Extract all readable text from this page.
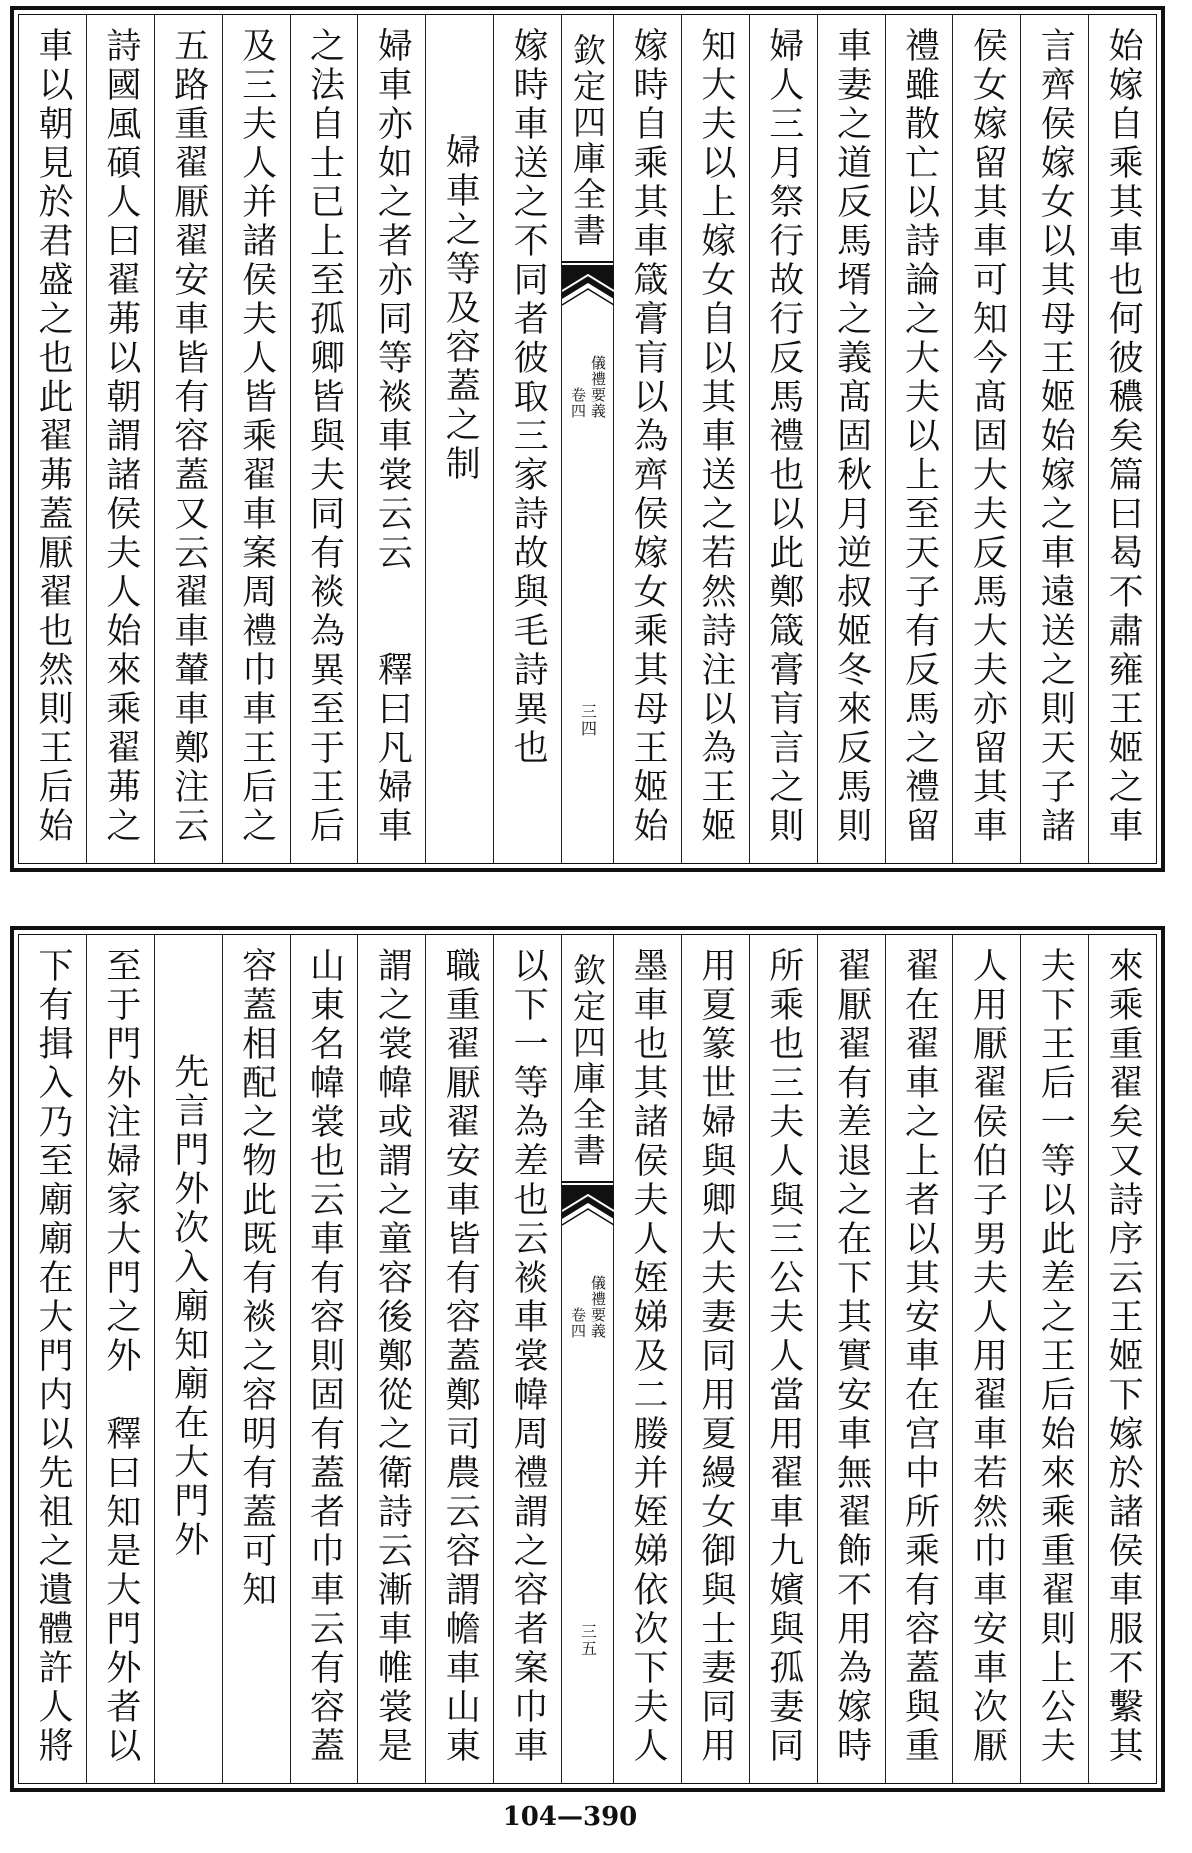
始嫁自乘其車也何彼穠矣篇曰曷不肅雍王姬之車
言齊侯嫁女以其母王姬始嫁之車遠送之則天子諸
侯女嫁留其車可知今髙固大夫反馬大夫亦留其車
禮雖散亡以詩論之大夫以上至天子有反馬之禮留
車妻之道反馬壻之義髙固秋月逆叔姬冬來反馬則
婦人三月祭行故行反馬禮也以此鄭箴膏肓言之則
知大夫以上嫁女自以其車送之若然詩注以為王姬
嫁時自乘其車箴膏肓以為齊侯嫁女乘其母王姬始
欽定四庫全書
儀禮要義
卷四
三四
嫁時車送之不同者彼取三家詩故與毛詩異也
婦車之等及容蓋之制
婦車亦如之者亦同等裧車裳云云　　釋曰凡婦車
之法自士已上至孤卿皆與夫同有裧為異至于王后
及三夫人并諸侯夫人皆乘翟車案周禮巾車王后之
五路重翟厭翟安車皆有容蓋又云翟車輦車鄭注云
詩國風碩人曰翟茀以朝謂諸侯夫人始來乘翟茀之
車以朝見於君盛之也此翟茀蓋厭翟也然則王后始
來乘重翟矣又詩序云王姬下嫁於諸侯車服不繫其
夫下王后一等以此差之王后始來乘重翟則上公夫
人用厭翟侯伯子男夫人用翟車若然巾車安車次厭
翟在翟車之上者以其安車在宫中所乘有容蓋與重
翟厭翟有差退之在下其實安車無翟飾不用為嫁時
所乘也三夫人與三公夫人當用翟車九嬪與孤妻同
用夏篆世婦與卿大夫妻同用夏縵女御與士妻同用
墨車也其諸侯夫人姪娣及二媵并姪娣依次下夫人
欽定四庫全書
儀禮要義
卷四
三五
以下一等為差也云裧車裳幃周禮謂之容者案巾車
職重翟厭翟安車皆有容蓋鄭司農云容謂幨車山東
謂之裳幃或謂之童容後鄭從之衛詩云漸車帷裳是
山東名幃裳也云車有容則固有蓋者巾車云有容蓋
容蓋相配之物此既有裧之容明有蓋可知
先言門外次入廟知廟在大門外
至于門外注婦家大門之外　釋曰知是大門外者以
下有揖入乃至廟廟在大門内以先祖之遺體許人將
104—390
